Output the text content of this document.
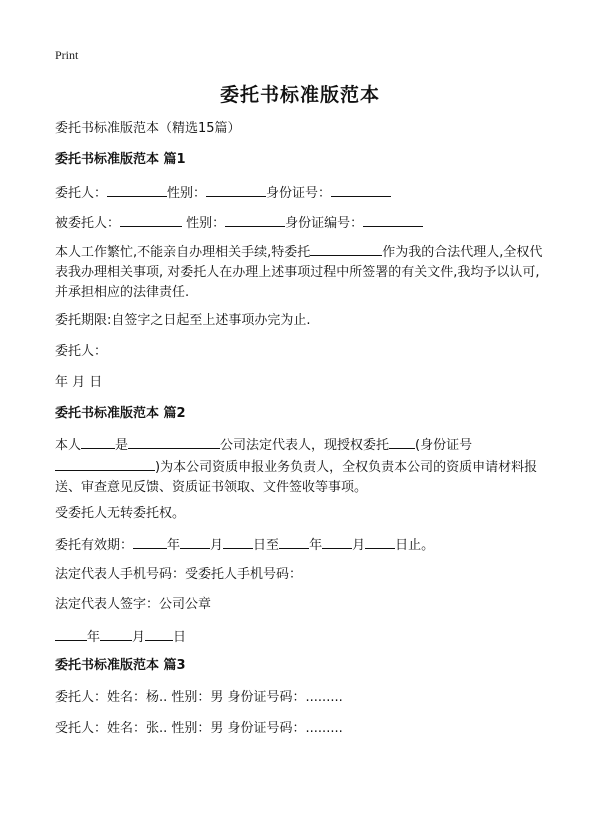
Print
委托书标准版范本
委托书标准版范本（精选15篇）
委托书标准版范本 篇1
委托人：	性别：	身份证号：
被委托人：	性别：	身份证编号：
本人工作繁忙,不能亲自办理相关手续,特委托	作为我的合法代理人,全权代表我办理相关事项, 对委托人在办理上述事项过程中所签署的有关文件,我均予以认可,并承担相应的法律责任.
委托期限:自签字之日起至上述事项办完为止.
委托人：
年 月 日
委托书标准版范本 篇2
本人	是	公司法定代表人，现授权委托 (身份证号
)为本公司资质申报业务负责人，全权负责本公司的资质申请材料报送、审查意见反馈、资质证书领取、文件签收等事项。
受委托人无转委托权。
委托有效期：	年 月 日至 年 月 日止。
法定代表人手机号码：受委托人手机号码：
法定代表人签字：公司公章
年 月 日
委托书标准版范本 篇3
委托人：姓名：杨.. 性别：男 身份证号码：.........
受托人：姓名：张.. 性别：男 身份证号码：.........
